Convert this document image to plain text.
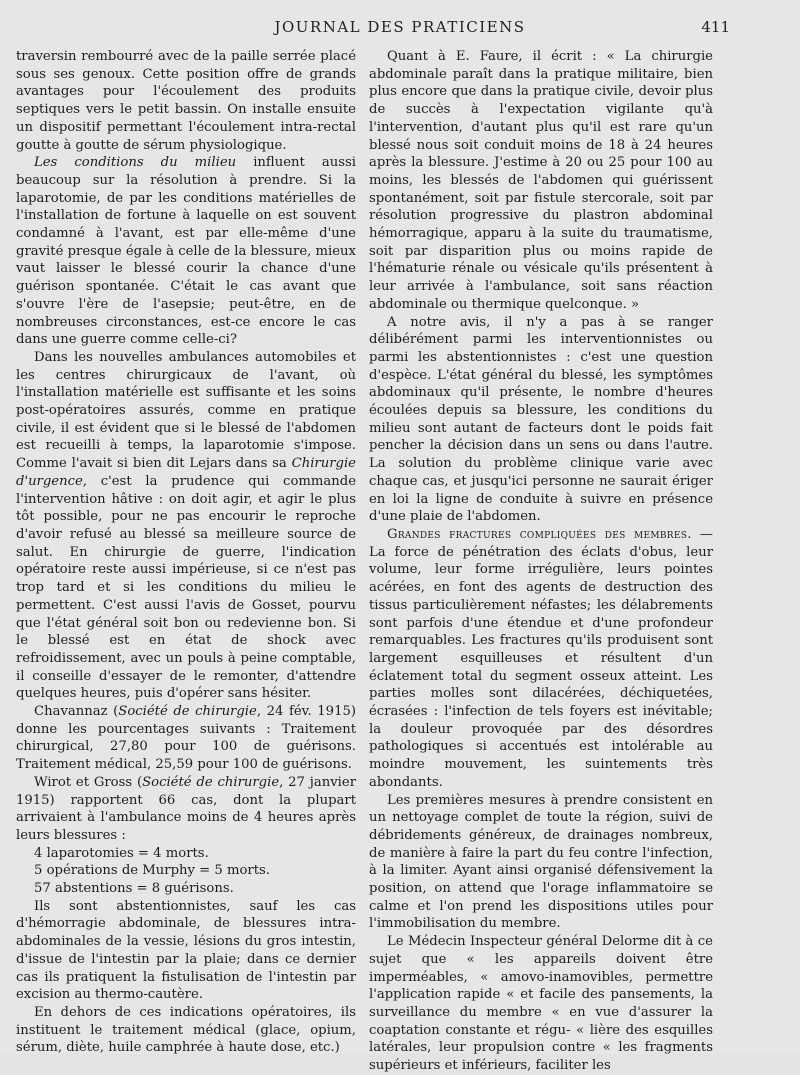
JOURNAL DES PRATICIENS	411

traversin rembourré avec de la paille serrée placé sous ses genoux. Cette position offre de grands avantages pour l'écoulement des produits septiques vers le petit bassin. On installe ensuite un dispositif permettant l'écoulement intra-rectal goutte à goutte de sérum physiologique.

Les conditions du milieu influent aussi beaucoup sur la résolution à prendre. Si la laparotomie, de par les conditions matérielles de l'installation de fortune à laquelle on est souvent condamné à l'avant, est par elle-même d'une gravité presque égale à celle de la blessure, mieux vaut laisser le blessé courir la chance d'une guérison spontanée. C'était le cas avant que s'ouvre l'ère de l'asepsie; peut-être, en de nombreuses circonstances, est-ce encore le cas dans une guerre comme celle-ci?

Dans les nouvelles ambulances automobiles et les centres chirurgicaux de l'avant, où l'installation matérielle est suffisante et les soins post-opératoires assurés, comme en pratique civile, il est évident que si le blessé de l'abdomen est recueilli à temps, la laparotomie s'impose. Comme l'avait si bien dit Lejars dans sa Chirurgie d'urgence, c'est la prudence qui commande l'intervention hâtive : on doit agir, et agir le plus tôt possible, pour ne pas encourir le reproche d'avoir refusé au blessé sa meilleure source de salut. En chirurgie de guerre, l'indication opératoire reste aussi impérieuse, si ce n'est pas trop tard et si les conditions du milieu le permettent. C'est aussi l'avis de Gosset, pourvu que l'état général soit bon ou redevienne bon. Si le blessé est en état de shock avec refroidissement, avec un pouls à peine comptable, il conseille d'essayer de le remonter, d'attendre quelques heures, puis d'opérer sans hésiter.

Chavannaz (Société de chirurgie, 24 fév. 1915) donne les pourcentages suivants : Traitement chirurgical, 27,80 pour 100 de guérisons. Traitement médical, 25,59 pour 100 de guérisons.

Wirot et Gross (Société de chirurgie, 27 janvier 1915) rapportent 66 cas, dont la plupart arrivaient à l'ambulance moins de 4 heures après leurs blessures :

4 laparotomies = 4 morts.

5 opérations de Murphy = 5 morts.

57 abstentions = 8 guérisons.

Ils sont abstentionnistes, sauf les cas d'hémorragie abdominale, de blessures intra-abdominales de la vessie, lésions du gros intestin, d'issue de l'intestin par la plaie; dans ce dernier cas ils pratiquent la fistulisation de l'intestin par excision au thermo-cautère.

En dehors de ces indications opératoires, ils instituent le traitement médical (glace, opium, sérum, diète, huile camphrée à haute dose, etc.)

Quant à E. Faure, il écrit : « La chirurgie abdominale paraît dans la pratique militaire, bien plus encore que dans la pratique civile, devoir plus de succès à l'expectation vigilante qu'à l'intervention, d'autant plus qu'il est rare qu'un blessé nous soit conduit moins de 18 à 24 heures après la blessure. J'estime à 20 ou 25 pour 100 au moins, les blessés de l'abdomen qui guérissent spontanément, soit par fistule stercorale, soit par résolution progressive du plastron abdominal hémorragique, apparu à la suite du traumatisme, soit par disparition plus ou moins rapide de l'hématurie rénale ou vésicale qu'ils présentent à leur arrivée à l'ambulance, soit sans réaction abdominale ou thermique quelconque. »

A notre avis, il n'y a pas à se ranger délibérément parmi les interventionnistes ou parmi les abstentionnistes : c'est une question d'espèce. L'état général du blessé, les symptômes abdominaux qu'il présente, le nombre d'heures écoulées depuis sa blessure, les conditions du milieu sont autant de facteurs dont le poids fait pencher la décision dans un sens ou dans l'autre. La solution du problème clinique varie avec chaque cas, et jusqu'ici personne ne saurait ériger en loi la ligne de conduite à suivre en présence d'une plaie de l'abdomen.

Grandes fractures compliquées des membres. — La force de pénétration des éclats d'obus, leur volume, leur forme irrégulière, leurs pointes acérées, en font des agents de destruction des tissus particulièrement néfastes; les délabrements sont parfois d'une étendue et d'une profondeur remarquables. Les fractures qu'ils produisent sont largement esquilleuses et résultent d'un éclatement total du segment osseux atteint. Les parties molles sont dilacérées, déchiquetées, écrasées : l'infection de tels foyers est inévitable; la douleur provoquée par des désordres pathologiques si accentués est intolérable au moindre mouvement, les suintements très abondants.

Les premières mesures à prendre consistent en un nettoyage complet de toute la région, suivi de débridements généreux, de drainages nombreux, de manière à faire la part du feu contre l'infection, à la limiter. Ayant ainsi organisé défensivement la position, on attend que l'orage inflammatoire se calme et l'on prend les dispositions utiles pour l'immobilisation du membre.

Le Médecin Inspecteur général Delorme dit à ce sujet que « les appareils doivent être imperméables, « amovo-inamovibles, permettre l'application rapide « et facile des pansements, la surveillance du membre « en vue d'assurer la coaptation constante et régu- « lière des esquilles latérales, leur propulsion contre « les fragments supérieurs et inférieurs, faciliter les
